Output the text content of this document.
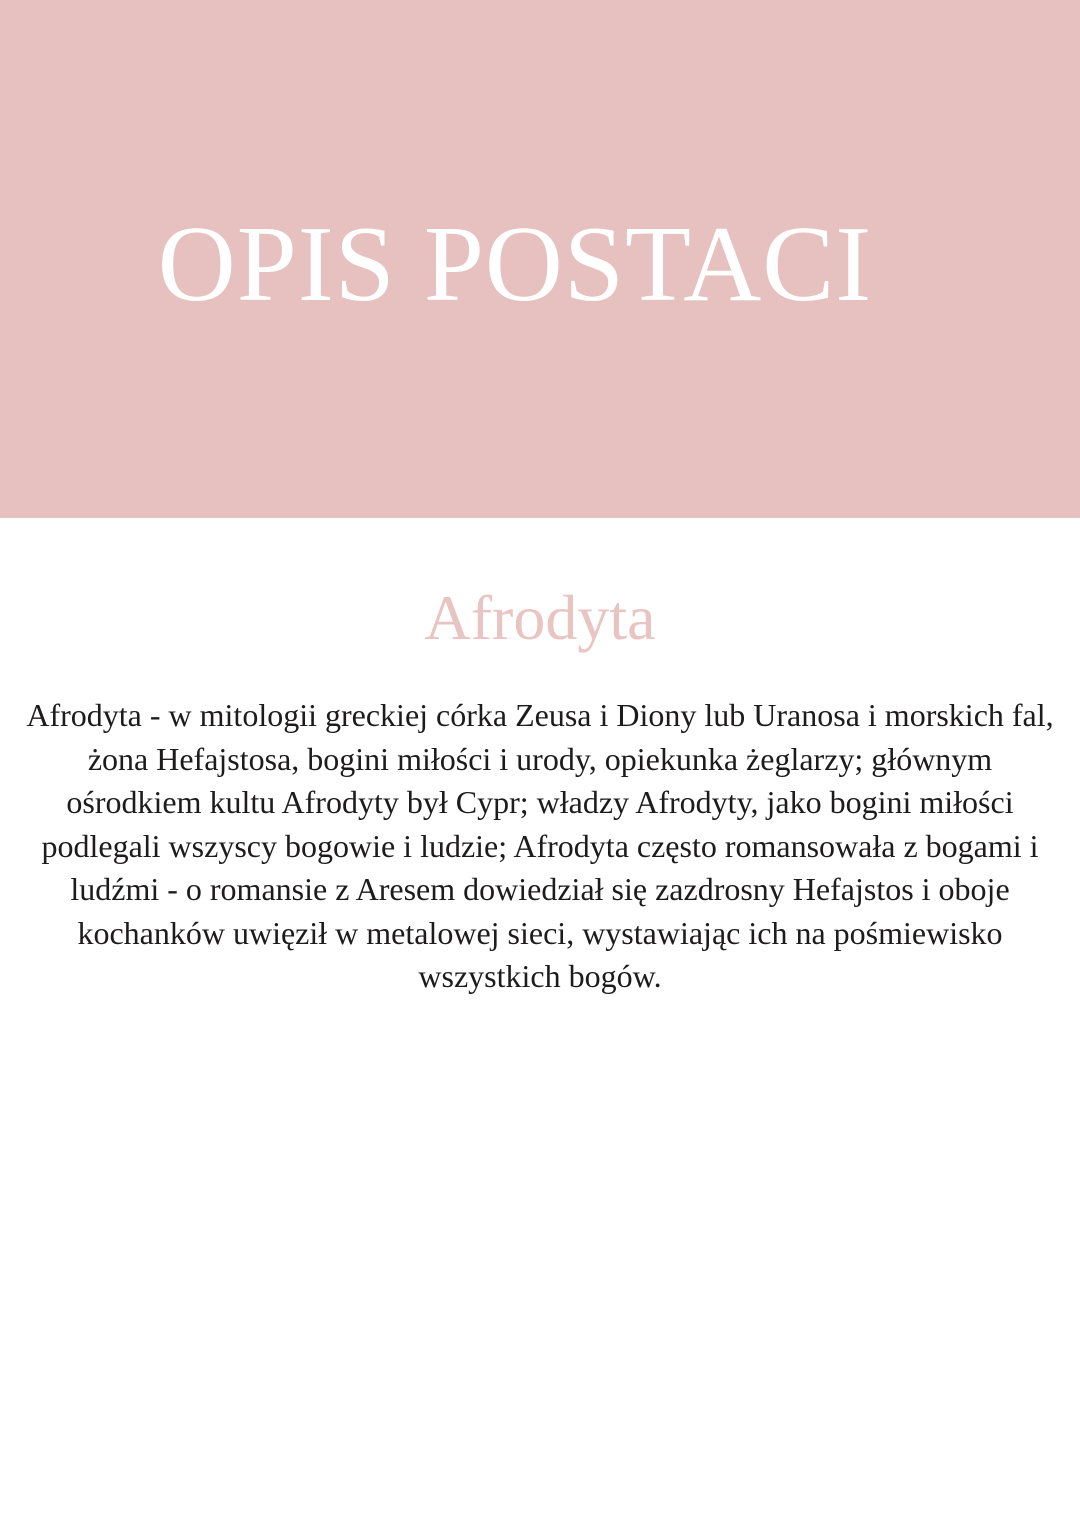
OPIS POSTACI
Afrodyta

Afrodyta - w mitologii greckiej córka Zeusa i Diony lub Uranosa i morskich fal, żona Hefajstosa, bogini miłości i urody, opiekunka żeglarzy; głównym ośrodkiem kultu Afrodyty był Cypr; władzy Afrodyty, jako bogini miłości podlegali wszyscy bogowie i ludzie; Afrodyta często romansowała z bogami i ludźmi - o romansie z Aresem dowiedział się zazdrosny Hefajstos i oboje kochanków uwięził w metalowej sieci, wystawiając ich na pośmiewisko wszystkich bogów.
